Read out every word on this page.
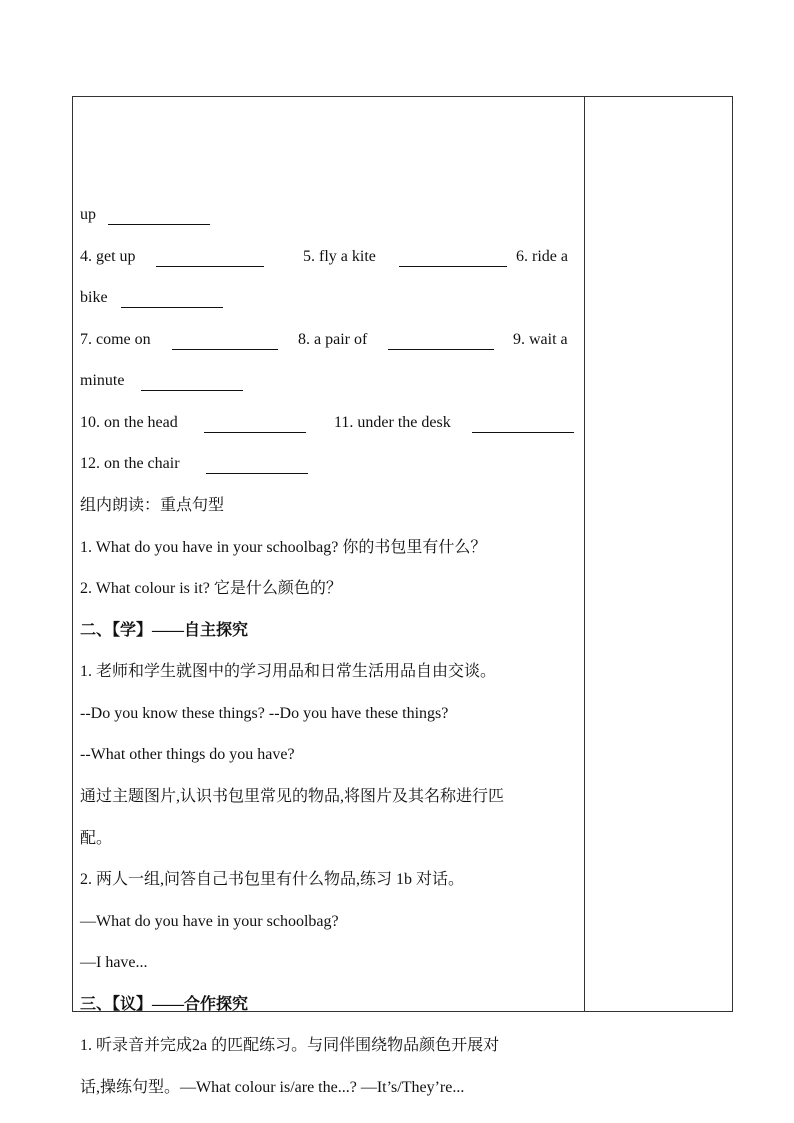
up
4. get up	5. fly a kite	6. ride a
bike
7. come on	8. a pair of	9. wait a
minute
10. on the head	11. under the desk
12. on the chair
组内朗读：重点句型
1. What do you have in your schoolbag? 你的书包里有什么？
2. What colour is it? 它是什么颜色的？
二、【学】——自主探究
1. 老师和学生就图中的学习用品和日常生活用品自由交谈。
--Do you know these things? --Do you have these things?
--What other things do you have?
通过主题图片,认识书包里常见的物品,将图片及其名称进行匹
配。
2. 两人一组,问答自己书包里有什么物品,练习 1b 对话。
—What do you have in your schoolbag?
—I have...
三、【议】——合作探究
1. 听录音并完成2a 的匹配练习。与同伴围绕物品颜色开展对
话,操练句型。—What colour is/are the...? —It’s/They’re...
